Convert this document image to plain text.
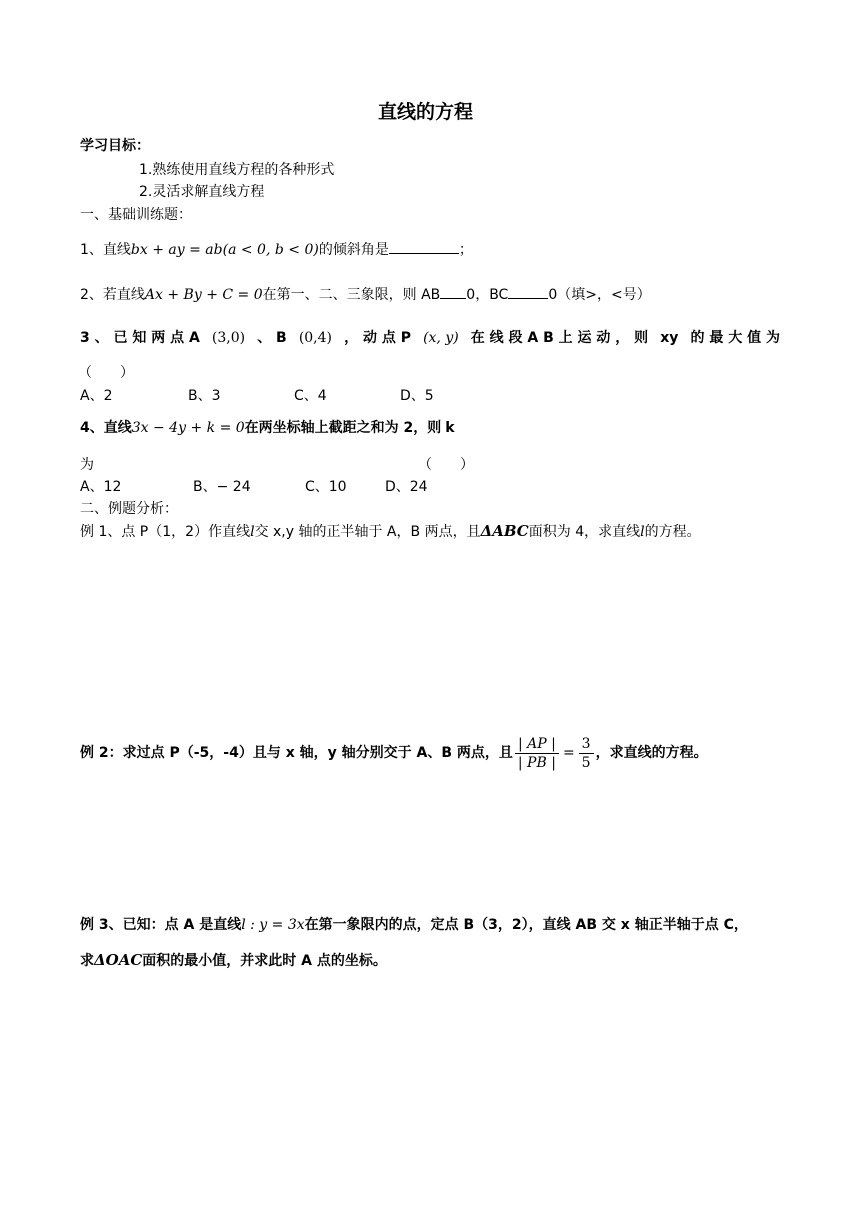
直线的方程
学习目标：
1.熟练使用直线方程的各种形式
2.灵活求解直线方程
一、基础训练题：
1、直线bx + ay = ab(a < 0, b < 0)的倾斜角是	；
2、若直线Ax + By + C = 0在第一、二、三象限，则 AB 0，BC	0（填>，<号）
3 、 已 知 两 点 A (3,0) 、 B (0,4) ， 动 点 P (x, y) 在 线 段 A B 上 运 动 ， 则 xy 的 最 大 值 为
（　　）
A、2	B、3	C、4	D、5
4、直线3x − 4y + k = 0在两坐标轴上截距之和为 2，则 k
为	（　　）
A、12	B、− 24	C、10	D、24
二、例题分析：
例 1、点 P（1，2）作直线l交 x,y 轴的正半轴于 A，B 两点，且ΔABC面积为 4，求直线l的方程。
例 2：求过点 P（-5，-4）且与 x 轴，y 轴分别交于 A、B 两点，且 $\frac{| AP |}{| PB |} = \frac{3}{5}$ ，求直线的方程。
例 3、已知：点 A 是直线l : y = 3x在第一象限内的点，定点 B（3，2），直线 AB 交 x 轴正半轴于点 C，
求ΔOAC面积的最小值，并求此时 A 点的坐标。
